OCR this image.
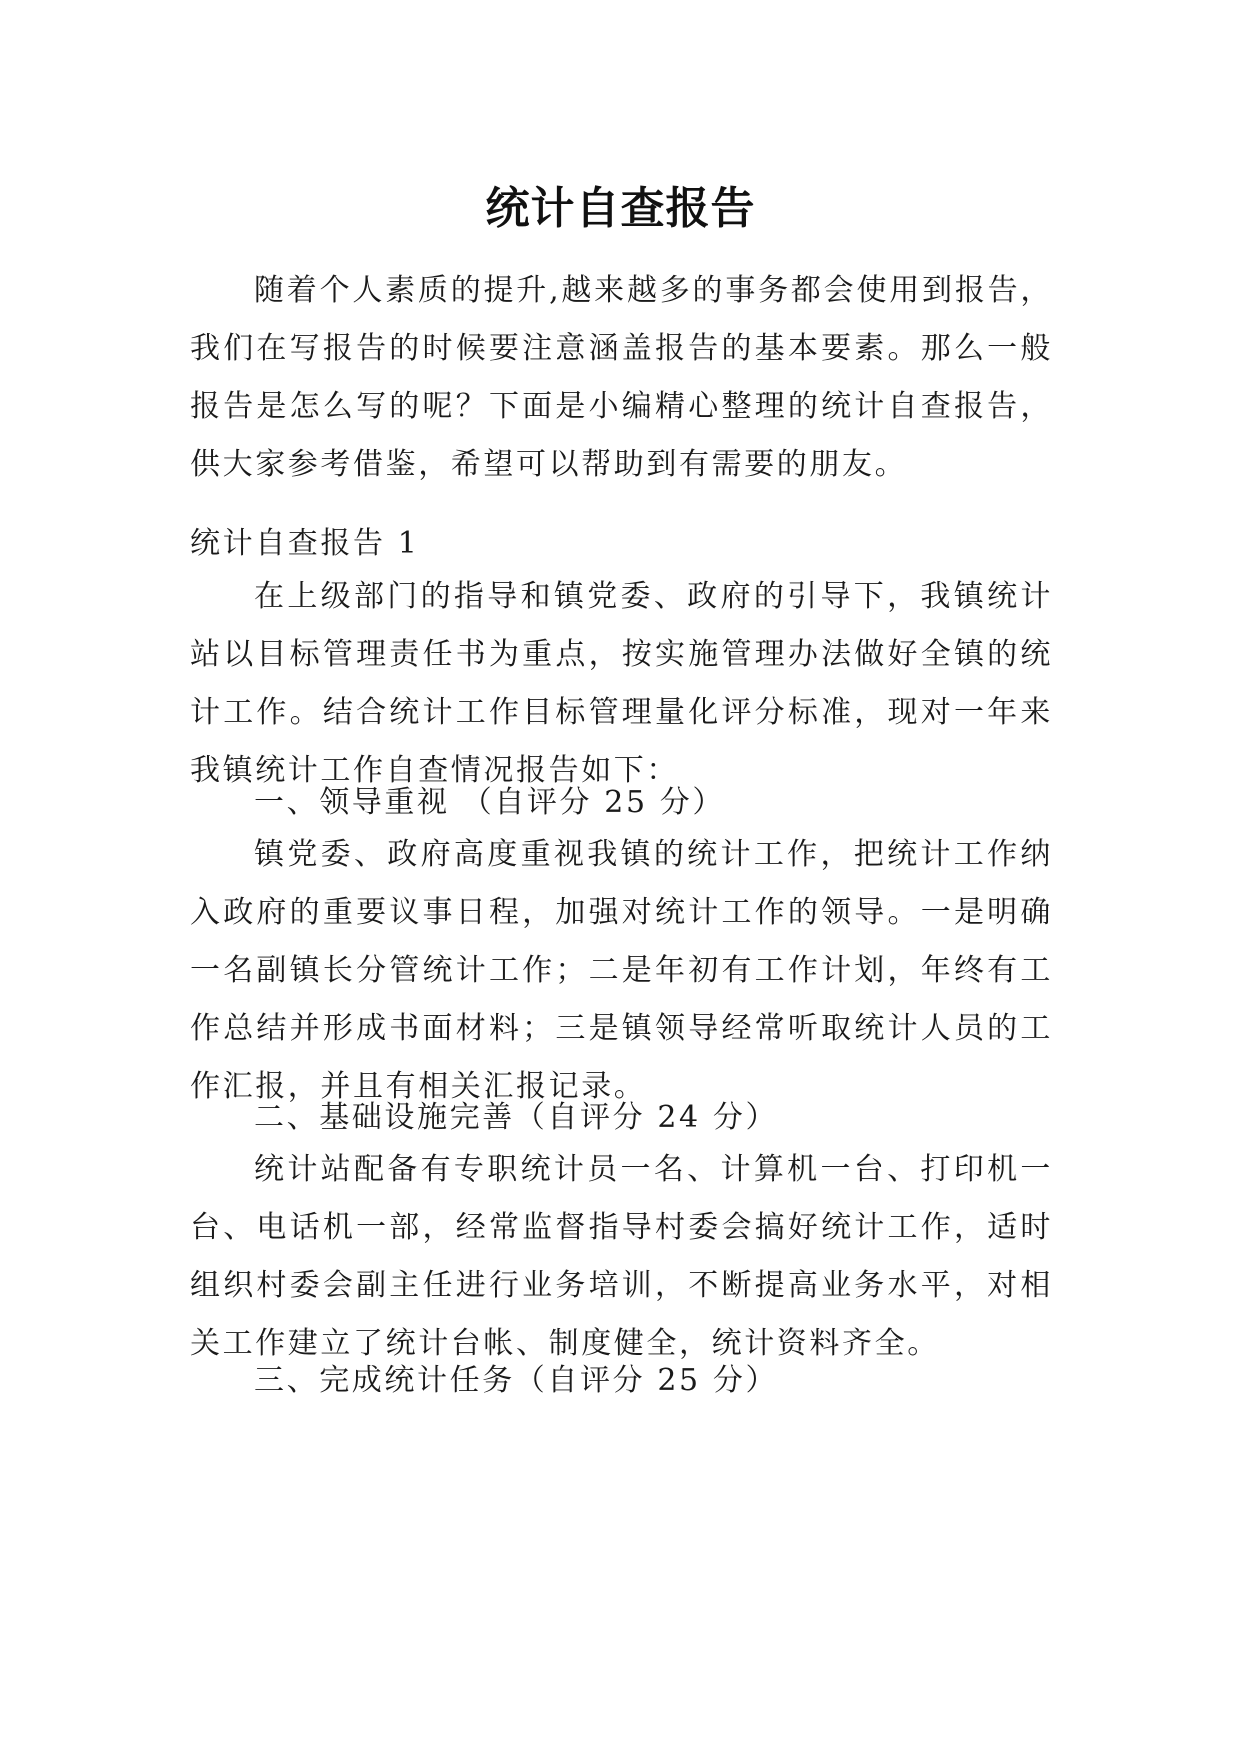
统计自查报告

随着个人素质的提升,越来越多的事务都会使用到报告，我们在写报告的时候要注意涵盖报告的基本要素。那么一般报告是怎么写的呢？下面是小编精心整理的统计自查报告，供大家参考借鉴，希望可以帮助到有需要的朋友。

统计自查报告 1

在上级部门的指导和镇党委、政府的引导下，我镇统计站以目标管理责任书为重点，按实施管理办法做好全镇的统计工作。结合统计工作目标管理量化评分标准，现对一年来我镇统计工作自查情况报告如下：

一、领导重视 （自评分 25 分）

镇党委、政府高度重视我镇的统计工作，把统计工作纳入政府的重要议事日程，加强对统计工作的领导。一是明确一名副镇长分管统计工作；二是年初有工作计划，年终有工作总结并形成书面材料；三是镇领导经常听取统计人员的工作汇报，并且有相关汇报记录。

二、基础设施完善（自评分 24 分）

统计站配备有专职统计员一名、计算机一台、打印机一台、电话机一部，经常监督指导村委会搞好统计工作，适时组织村委会副主任进行业务培训，不断提高业务水平，对相关工作建立了统计台帐、制度健全，统计资料齐全。

三、完成统计任务（自评分 25 分）
